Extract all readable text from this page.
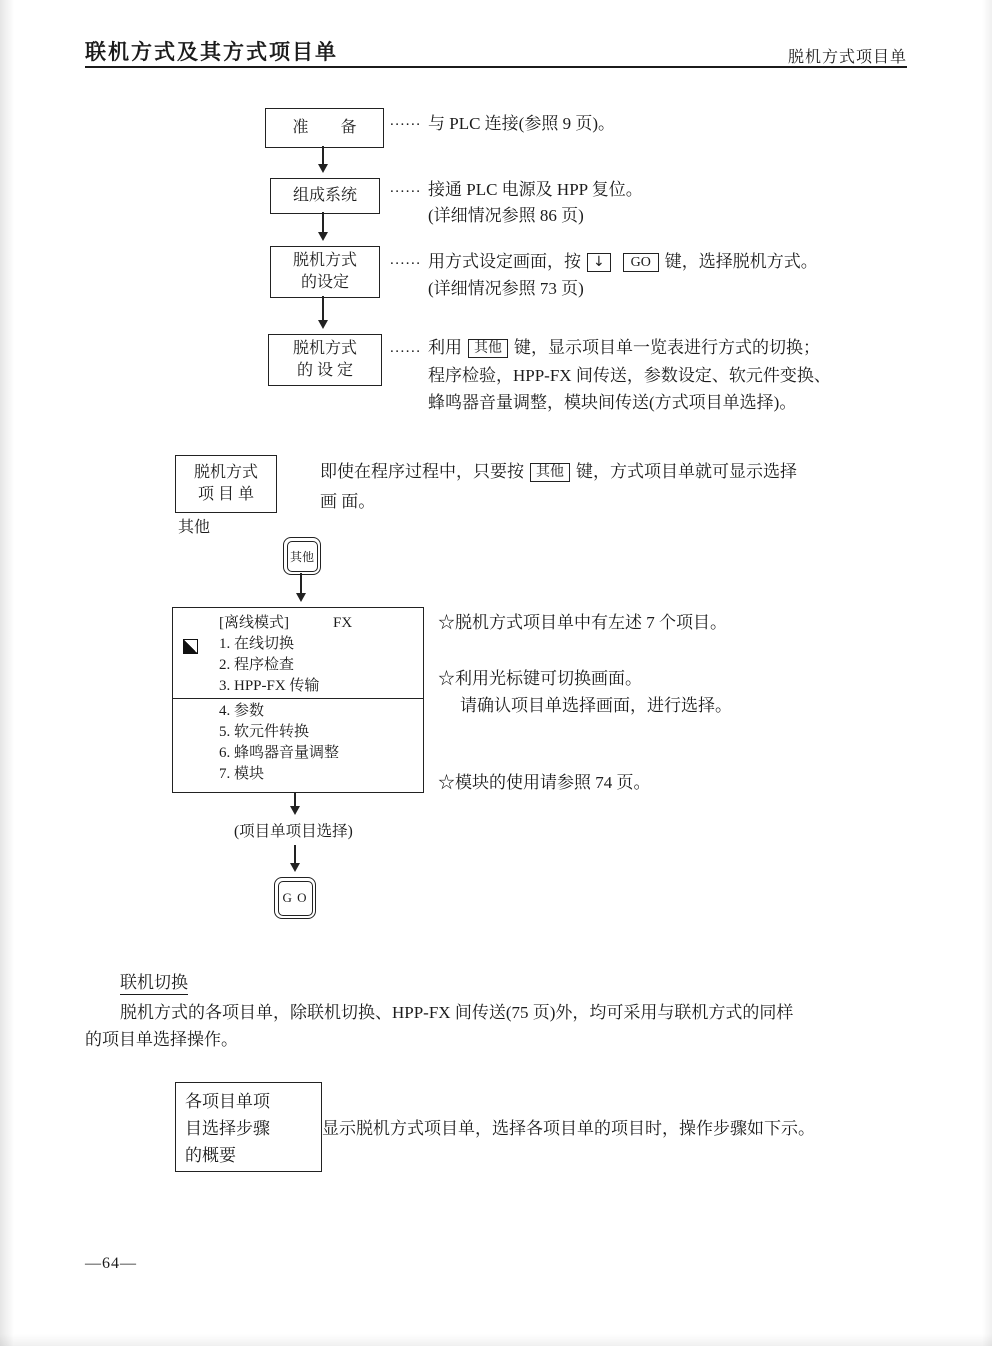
联机方式及其方式项目单	脱机方式项目单
准　　备 ...... 与 PLC 连接(参照 9 页)。
组成系统 ...... 接通 PLC 电源及 HPP 复位。
(详细情况参照 86 页)
脱机方式
的设定
...... 用方式设定画面，按 ↓ GO 键，选择脱机方式。
(详细情况参照 73 页)
脱机方式
的 设 定
...... 利用 其他 键，显示项目单一览表进行方式的切换；
程序检验，HPP-FX 间传送，参数设定、软元件变换、
蜂鸣器音量调整，模块间传送(方式项目单选择)。
脱机方式
项 目 单
即使在程序过程中，只要按 其他 键，方式项目单就可显示选择
画 面。
其他
其他
[离线模式]	FX
1. 在线切换
2. 程序检查
3. HPP-FX 传输
4. 参数
5. 软元件转换
6. 蜂鸣器音量调整
7. 模块
☆脱机方式项目单中有左述 7 个项目。
☆利用光标键可切换画面。
请确认项目单选择画面，进行选择。
☆模块的使用请参照 74 页。
(项目单项目选择)
G O
联机切换
脱机方式的各项目单，除联机切换、HPP-FX 间传送(75 页)外，均可采用与联机方式的同样
的项目单选择操作。
各项目单项
目选择步骤
的概要
显示脱机方式项目单，选择各项目单的项目时，操作步骤如下示。
—64—
